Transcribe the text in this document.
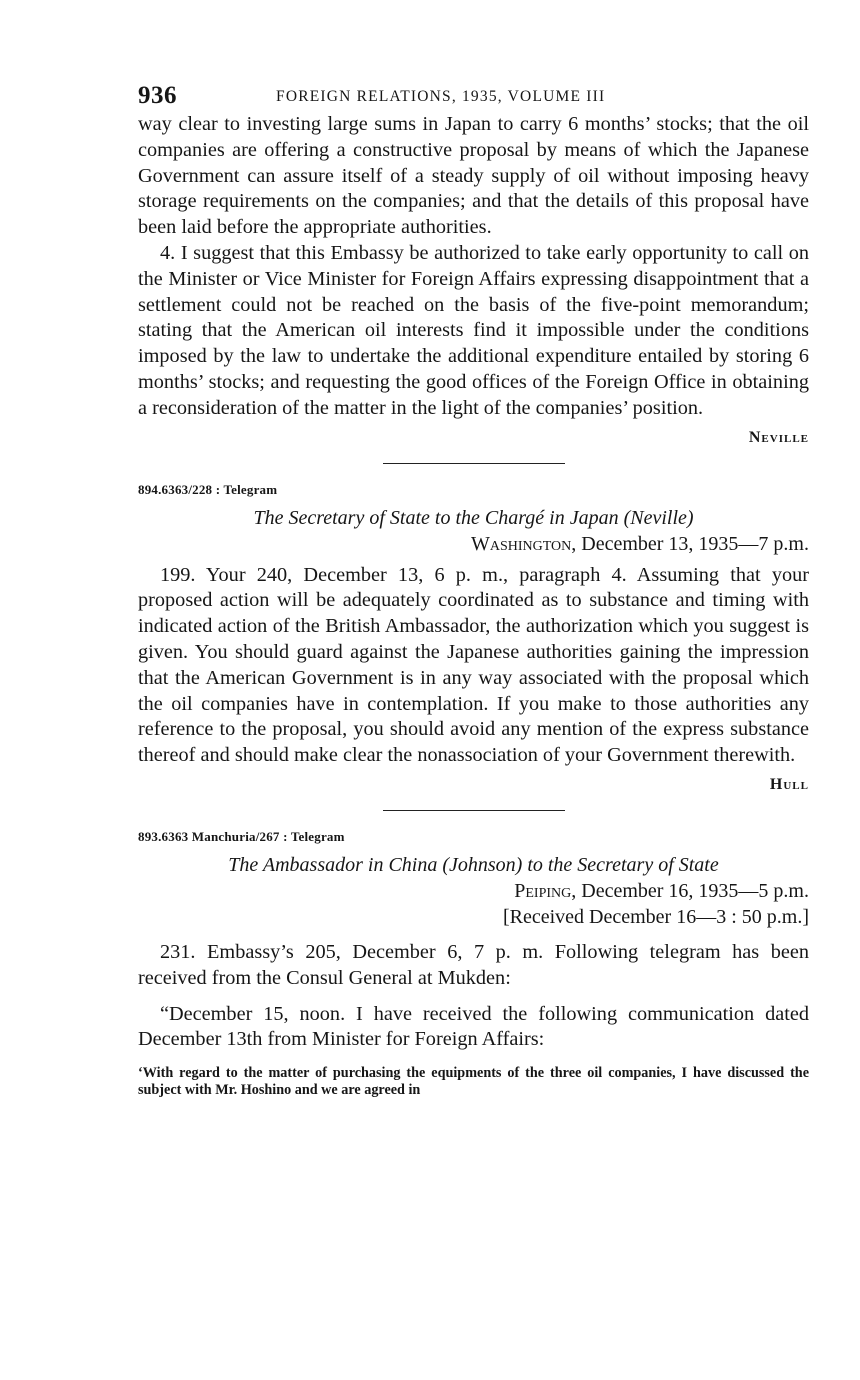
936	FOREIGN RELATIONS, 1935, VOLUME III

way clear to investing large sums in Japan to carry 6 months’ stocks; that the oil companies are offering a constructive proposal by means of which the Japanese Government can assure itself of a steady supply of oil without imposing heavy storage requirements on the companies; and that the details of this proposal have been laid before the appropriate authorities.

4. I suggest that this Embassy be authorized to take early opportunity to call on the Minister or Vice Minister for Foreign Affairs expressing disappointment that a settlement could not be reached on the basis of the five-point memorandum; stating that the American oil interests find it impossible under the conditions imposed by the law to undertake the additional expenditure entailed by storing 6 months’ stocks; and requesting the good offices of the Foreign Office in obtaining a reconsideration of the matter in the light of the companies’ position.

Neville
894.6363/228 : Telegram
The Secretary of State to the Chargé in Japan (Neville)
Washington, December 13, 1935—7 p.m.

199. Your 240, December 13, 6 p. m., paragraph 4. Assuming that your proposed action will be adequately coordinated as to substance and timing with indicated action of the British Ambassador, the authorization which you suggest is given. You should guard against the Japanese authorities gaining the impression that the American Government is in any way associated with the proposal which the oil companies have in contemplation. If you make to those authorities any reference to the proposal, you should avoid any mention of the express substance thereof and should make clear the nonassociation of your Government therewith.

Hull
893.6363 Manchuria/267 : Telegram
The Ambassador in China (Johnson) to the Secretary of State
Peiping, December 16, 1935—5 p.m.
[Received December 16—3 : 50 p.m.]

231. Embassy’s 205, December 6, 7 p. m. Following telegram has been received from the Consul General at Mukden:

“December 15, noon. I have received the following communication dated December 13th from Minister for Foreign Affairs:

‘With regard to the matter of purchasing the equipments of the three oil companies, I have discussed the subject with Mr. Hoshino and we are agreed in
